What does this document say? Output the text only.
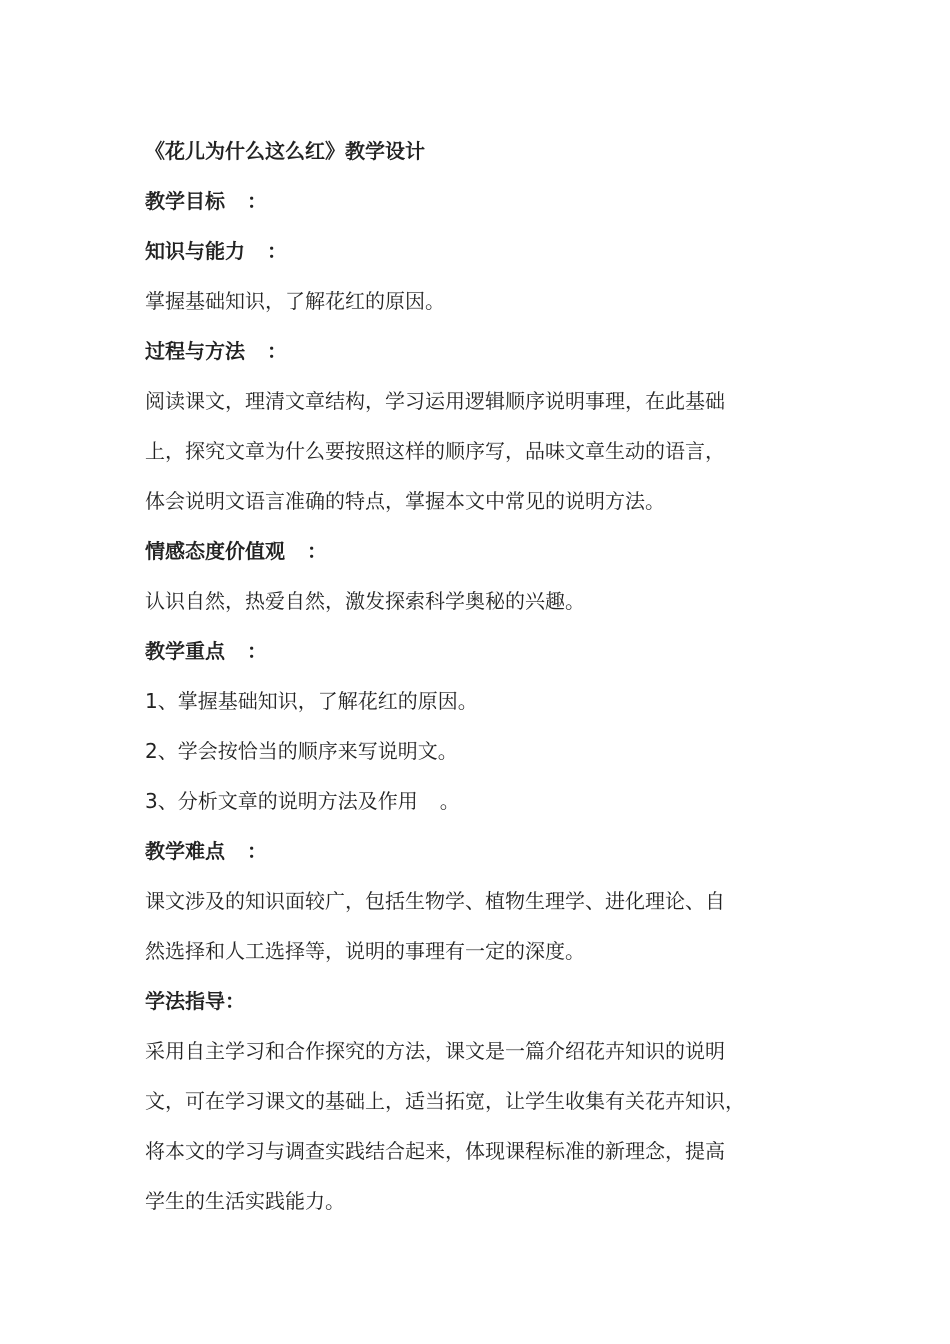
《花儿为什么这么红》教学设计
教学目标 ：
知识与能力 ：
掌握基础知识，了解花红的原因。
过程与方法 ：
阅读课文，理清文章结构，学习运用逻辑顺序说明事理，在此基础
上，探究文章为什么要按照这样的顺序写，品味文章生动的语言，
体会说明文语言准确的特点，掌握本文中常见的说明方法。
情感态度价值观 ：
认识自然，热爱自然，激发探索科学奥秘的兴趣。
教学重点 ：
1、掌握基础知识，了解花红的原因。
2、学会按恰当的顺序来写说明文。
3、分析文章的说明方法及作用 。
教学难点 ：
课文涉及的知识面较广，包括生物学、植物生理学、进化理论、自
然选择和人工选择等，说明的事理有一定的深度。
学法指导：
采用自主学习和合作探究的方法，课文是一篇介绍花卉知识的说明
文，可在学习课文的基础上，适当拓宽，让学生收集有关花卉知识，
将本文的学习与调查实践结合起来，体现课程标准的新理念，提高
学生的生活实践能力。
